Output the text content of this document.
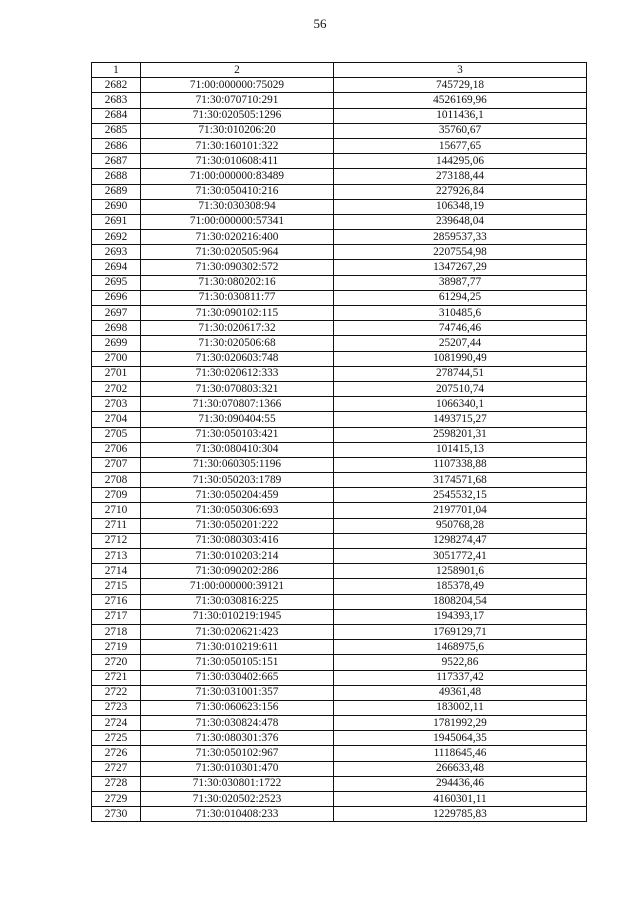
56
1	2	3
2682	71:00:000000:75029	745729,18
2683	71:30:070710:291	4526169,96
2684	71:30:020505:1296	1011436,1
2685	71:30:010206:20	35760,67
2686	71:30:160101:322	15677,65
2687	71:30:010608:411	144295,06
2688	71:00:000000:83489	273188,44
2689	71:30:050410:216	227926,84
2690	71:30:030308:94	106348,19
2691	71:00:000000:57341	239648,04
2692	71:30:020216:400	2859537,33
2693	71:30:020505:964	2207554,98
2694	71:30:090302:572	1347267,29
2695	71:30:080202:16	38987,77
2696	71:30:030811:77	61294,25
2697	71:30:090102:115	310485,6
2698	71:30:020617:32	74746,46
2699	71:30:020506:68	25207,44
2700	71:30:020603:748	1081990,49
2701	71:30:020612:333	278744,51
2702	71:30:070803:321	207510,74
2703	71:30:070807:1366	1066340,1
2704	71:30:090404:55	1493715,27
2705	71:30:050103:421	2598201,31
2706	71:30:080410:304	101415,13
2707	71:30:060305:1196	1107338,88
2708	71:30:050203:1789	3174571,68
2709	71:30:050204:459	2545532,15
2710	71:30:050306:693	2197701,04
2711	71:30:050201:222	950768,28
2712	71:30:080303:416	1298274,47
2713	71:30:010203:214	3051772,41
2714	71:30:090202:286	1258901,6
2715	71:00:000000:39121	185378,49
2716	71:30:030816:225	1808204,54
2717	71:30:010219:1945	194393,17
2718	71:30:020621:423	1769129,71
2719	71:30:010219:611	1468975,6
2720	71:30:050105:151	9522,86
2721	71:30:030402:665	117337,42
2722	71:30:031001:357	49361,48
2723	71:30:060623:156	183002,11
2724	71:30:030824:478	1781992,29
2725	71:30:080301:376	1945064,35
2726	71:30:050102:967	1118645,46
2727	71:30:010301:470	266633,48
2728	71:30:030801:1722	294436,46
2729	71:30:020502:2523	4160301,11
2730	71:30:010408:233	1229785,83
